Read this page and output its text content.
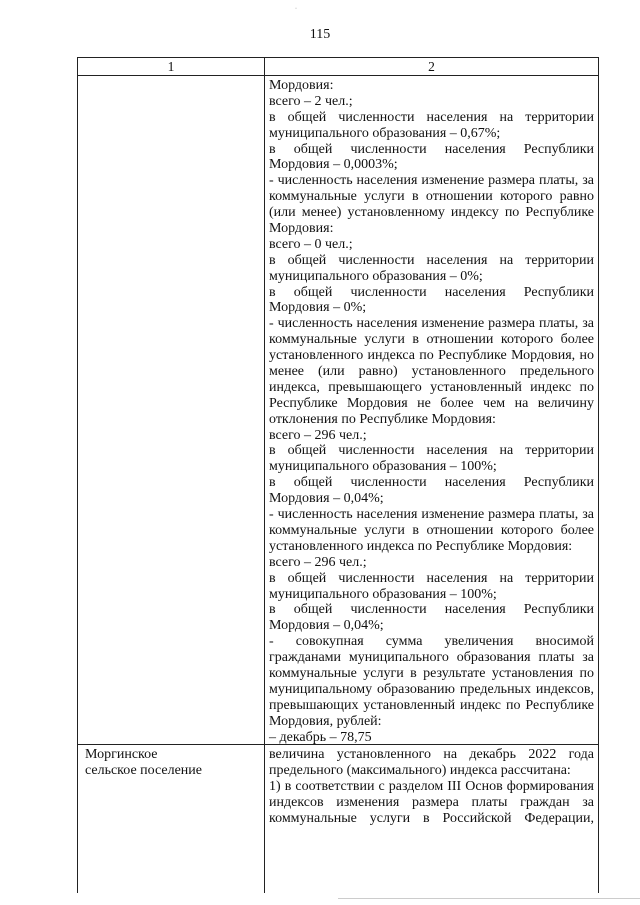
·
115
1	2
Мордовия:
всего – 2 чел.;
в общей численности населения на территории
муниципального образования – 0,67%;
в общей численности населения Республики
Мордовия – 0,0003%;
- численность населения изменение размера платы, за
коммунальные услуги в отношении которого равно
(или менее) установленному индексу по Республике
Мордовия:
всего – 0 чел.;
в общей численности населения на территории
муниципального образования – 0%;
в общей численности населения Республики
Мордовия – 0%;
- численность населения изменение размера платы, за
коммунальные услуги в отношении которого более
установленного индекса по Республике Мордовия, но
менее (или равно) установленного предельного
индекса, превышающего установленный индекс по
Республике Мордовия не более чем на величину
отклонения по Республике Мордовия:
всего – 296 чел.;
в общей численности населения на территории
муниципального образования – 100%;
в общей численности населения Республики
Мордовия – 0,04%;
- численность населения изменение размера платы, за
коммунальные услуги в отношении которого более
установленного индекса по Республике Мордовия:
всего – 296 чел.;
в общей численности населения на территории
муниципального образования – 100%;
в общей численности населения Республики
Мордовия – 0,04%;
- совокупная сумма увеличения вносимой
гражданами муниципального образования платы за
коммунальные услуги в результате установления по
муниципальному образованию предельных индексов,
превышающих установленный индекс по Республике
Мордовия, рублей:
– декабрь – 78,75
Моргинское
сельское поселение
величина установленного на декабрь 2022 года
предельного (максимального) индекса рассчитана:
1) в соответствии с разделом III Основ формирования
индексов изменения размера платы граждан за
коммунальные услуги в Российской Федерации,
